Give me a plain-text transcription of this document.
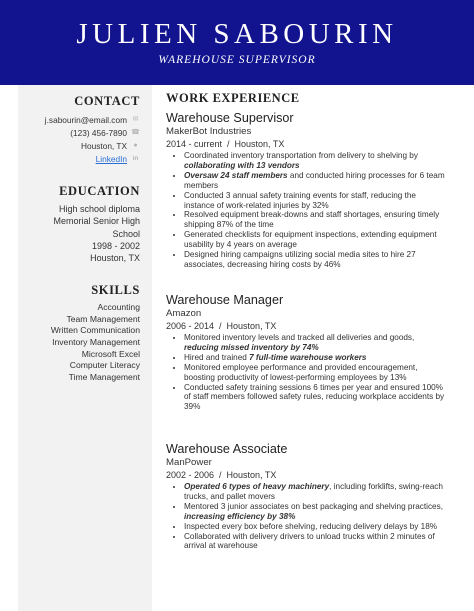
JULIEN SABOURIN
WAREHOUSE SUPERVISOR
CONTACT
j.sabourin@email.com ✉
(123) 456-7890 ☎
Houston, TX ●
LinkedIn in
EDUCATION
High school diploma
Memorial Senior High
School
1998 - 2002
Houston, TX
SKILLS
Accounting
Team Management
Written Communication
Inventory Management
Microsoft Excel
Computer Literacy
Time Management
WORK EXPERIENCE
Warehouse Supervisor
MakerBot Industries
2014 - current  /  Houston, TX
• Coordinated inventory transportation from delivery to shelving by collaborating with 13 vendors
• Oversaw 24 staff members and conducted hiring processes for 6 team members
• Conducted 3 annual safety training events for staff, reducing the instance of work-related injuries by 32%
• Resolved equipment break-downs and staff shortages, ensuring timely shipping 87% of the time
• Generated checklists for equipment inspections, extending equipment usability by 4 years on average
• Designed hiring campaigns utilizing social media sites to hire 27 associates, decreasing hiring costs by 46%
Warehouse Manager
Amazon
2006 - 2014  /  Houston, TX
• Monitored inventory levels and tracked all deliveries and goods, reducing missed inventory by 74%
• Hired and trained 7 full-time warehouse workers
• Monitored employee performance and provided encouragement, boosting productivity of lowest-performing employees by 13%
• Conducted safety training sessions 6 times per year and ensured 100% of staff members followed safety rules, reducing workplace accidents by 39%
Warehouse Associate
ManPower
2002 - 2006  /  Houston, TX
• Operated 6 types of heavy machinery, including forklifts, swing-reach trucks, and pallet movers
• Mentored 3 junior associates on best packaging and shelving practices, increasing efficiency by 38%
• Inspected every box before shelving, reducing delivery delays by 18%
• Collaborated with delivery drivers to unload trucks within 2 minutes of arrival at warehouse
